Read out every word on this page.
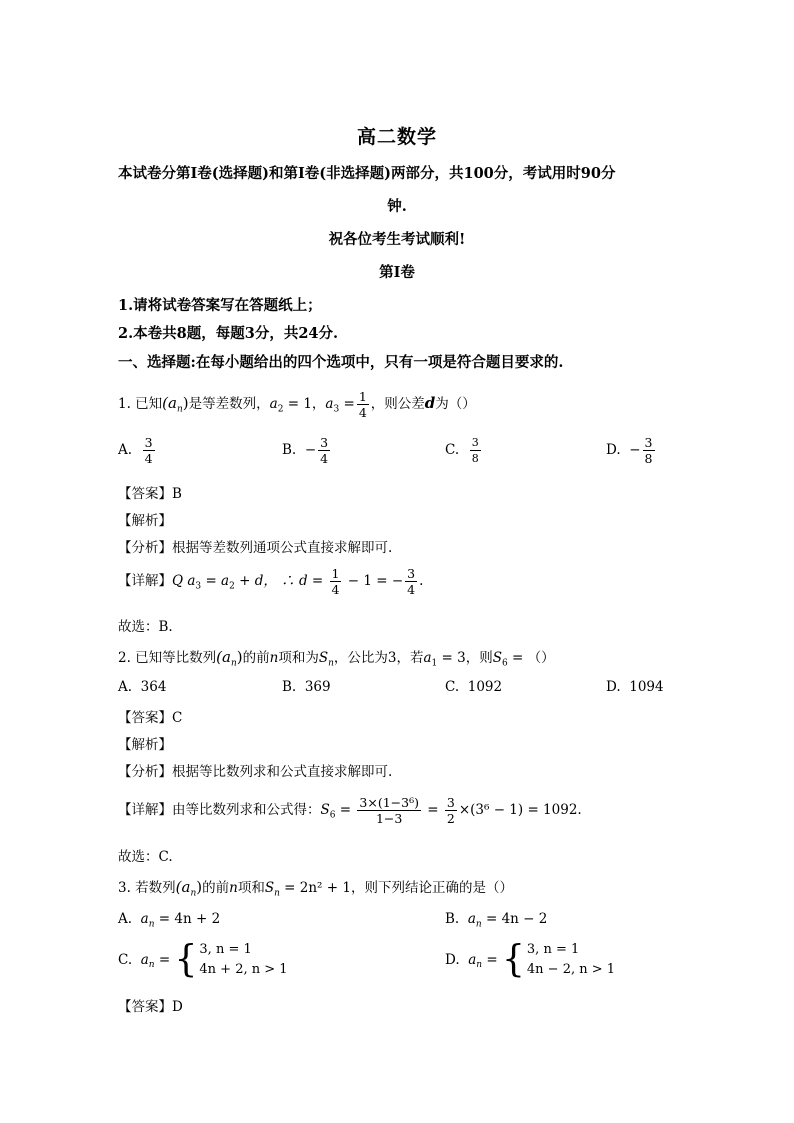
高二数学
本试卷分第I卷(选择题)和第I卷(非选择题)两部分，共100分，考试用时90分
钟.
祝各位考生考试顺利!
第I卷
1.请将试卷答案写在答题纸上；
2.本卷共8题，每题3分，共24分.
一、选择题:在每小题给出的四个选项中，只有一项是符合题目要求的.
1. 已知$(a_n)$是等差数列，$a_2 = 1$，$a_3 = \frac{1}{4}$ ，则公差d为（）
A. $\frac{3}{4}$	B. − $\frac{3}{4}$	C. $\frac{3}{8}$	D. − $\frac{3}{8}$
【答案】B
【解析】
【分析】根据等差数列通项公式直接求解即可.
【详解】Q $a_3 = a_2 + d$， ∴ $d = \frac{1}{4} - 1$ = − $\frac{3}{4}$ .
故选：B.
2. 已知等比数列$(a_n)$的前n项和为$S_n$，公比为3，若$a_1 = 3$，则$S_6$ = （）
A. 364	B. 369	C. 1092	D. 1094
【答案】C
【解析】
【分析】根据等比数列求和公式直接求解即可.
【详解】由等比数列求和公式得：$S_6 = \frac{\text{3×(1−3⁶)}}{1-3} = \frac{3}{2} \times(3^6 - 1) = 1092$.
故选：C.
3. 若数列$(a_n)$的前n项和$S_n = 2n^2 + 1$，则下列结论正确的是（）
A. $a_n = 4n + 2$	B. $a_n = 4n - 2$
C. $a_n$ = { 3, n = 1
4n + 2, n > 1
D. $a_n$ = { 3, n = 1
4n − 2, n > 1
【答案】D
